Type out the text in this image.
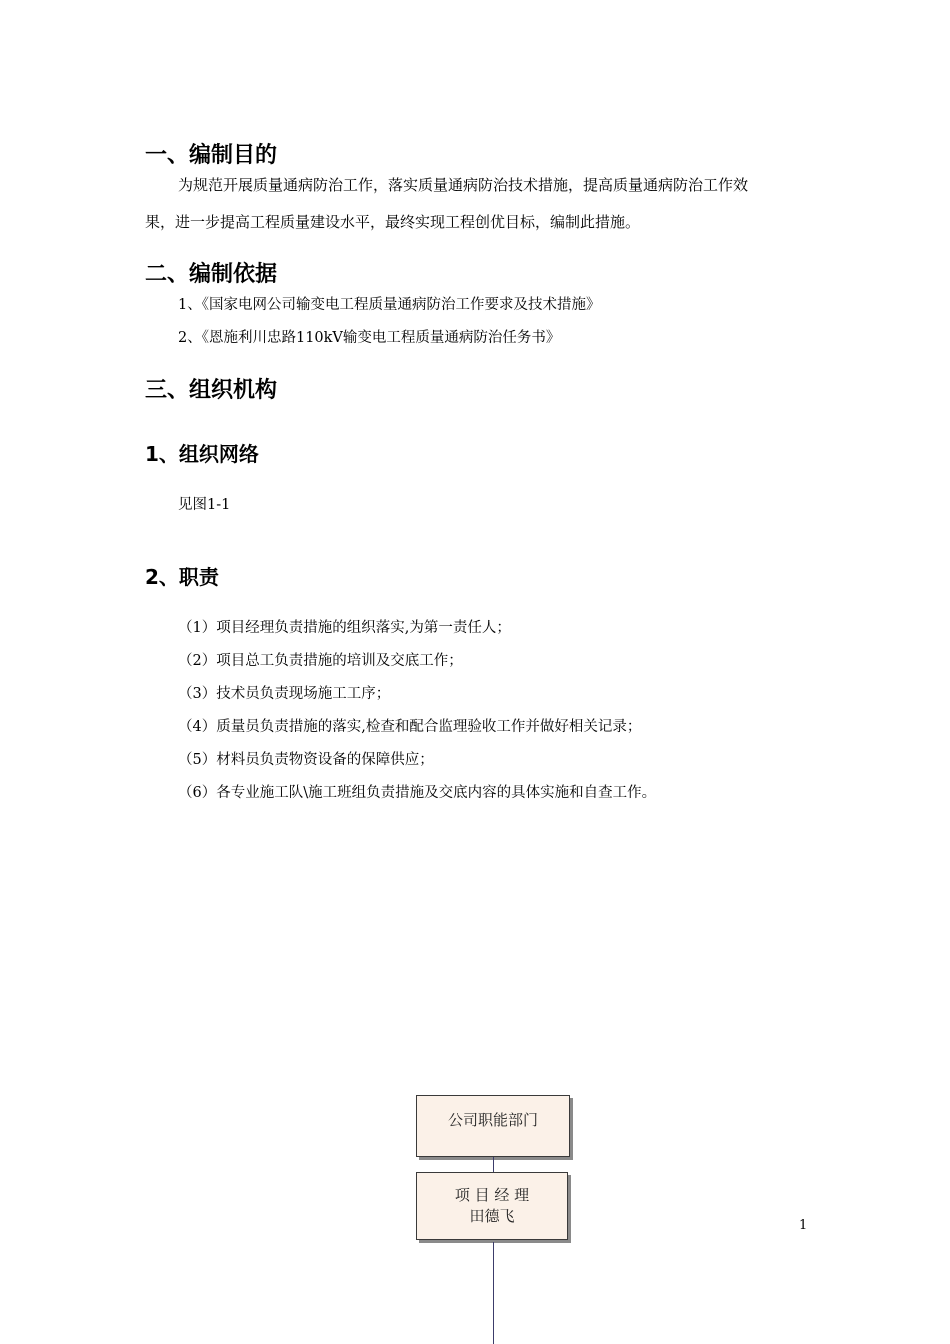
一、编制目的
为规范开展质量通病防治工作，落实质量通病防治技术措施，提高质量通病防治工作效
果，进一步提高工程质量建设水平，最终实现工程创优目标，编制此措施。
二、编制依据
1、《国家电网公司输变电工程质量通病防治工作要求及技术措施》
2、《恩施利川忠路110kV输变电工程质量通病防治任务书》
三、组织机构
1、组织网络
见图1-1
2、职责
（1）项目经理负责措施的组织落实,为第一责任人；
（2）项目总工负责措施的培训及交底工作；
（3）技术员负责现场施工工序；
（4）质量员负责措施的落实,检查和配合监理验收工作并做好相关记录；
（5）材料员负责物资设备的保障供应；
（6）各专业施工队\施工班组负责措施及交底内容的具体实施和自查工作。
公司职能部门
项 目 经 理
田德飞
1
